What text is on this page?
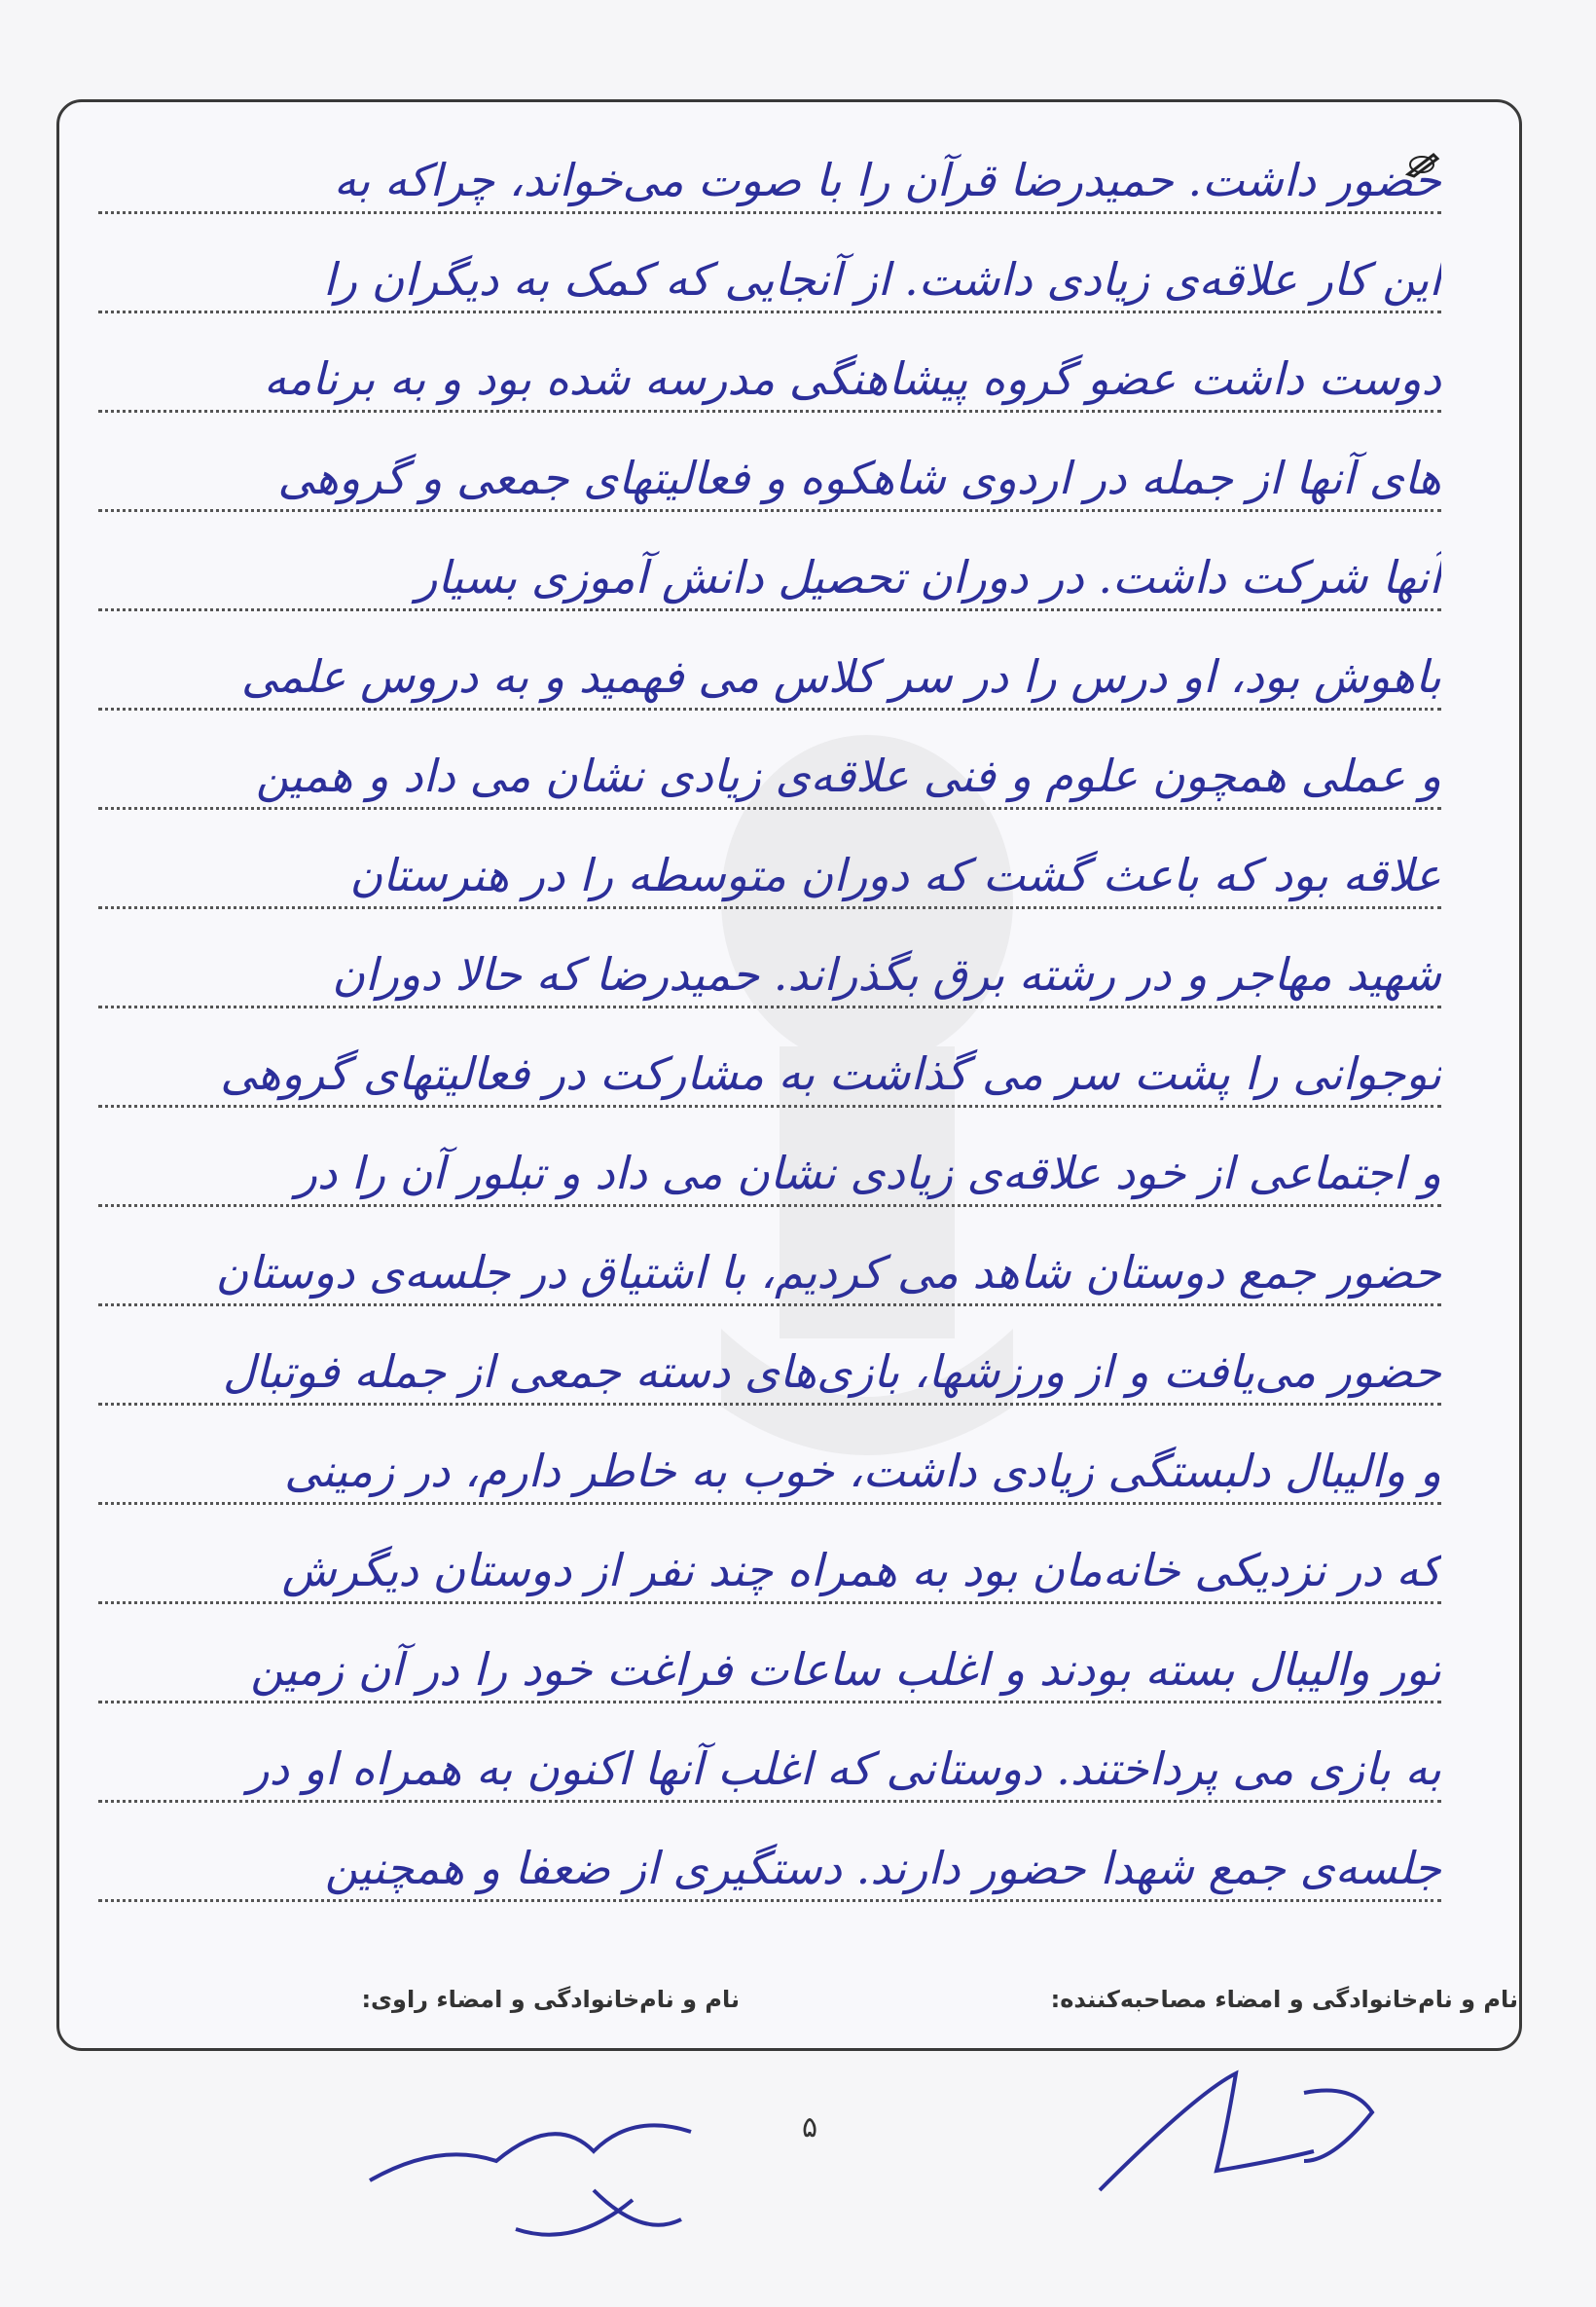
حضور داشت. حمیدرضا قرآن را با صوت می‌خواند، چراکه به
این کار علاقه‌ی زیادی داشت. از آنجایی که کمک به دیگران را
دوست داشت عضو گروه پیشاهنگی مدرسه شده بود و به برنامه
های آنها از جمله در اردوی شاهکوه و فعالیتهای جمعی و گروهی
آنها شرکت داشت. در دوران تحصیل دانش آموزی بسیار
باهوش بود، او درس را در سر کلاس می فهمید و به دروس علمی
و عملی همچون علوم و فنی علاقه‌ی زیادی نشان می داد و همین
علاقه بود که باعث گشت که دوران متوسطه را در هنرستان
شهید مهاجر و در رشته برق بگذراند. حمیدرضا که حالا دوران
نوجوانی را پشت سر می گذاشت به مشارکت در فعالیتهای گروهی
و اجتماعی از خود علاقه‌ی زیادی نشان می داد و تبلور آن را در
حضور جمع دوستان شاهد می کردیم، با اشتیاق در جلسه‌ی دوستان
حضور می‌یافت و از ورزشها، بازی‌های دسته جمعی از جمله فوتبال
و والیبال دلبستگی زیادی داشت، خوب به خاطر دارم، در زمینی
که در نزدیکی خانه‌مان بود به همراه چند نفر از دوستان دیگرش
تور والیبال بسته بودند و اغلب ساعات فراغت خود را در آن زمین
به بازی می پرداختند. دوستانی که اغلب آنها اکنون به همراه او در
جلسه‌ی جمع شهدا حضور دارند. دستگیری از ضعفا و همچنین
نام و نام‌خانوادگی و امضاء مصاحبه‌کننده:
نام و نام‌خانوادگی و امضاء راوی:
۵
